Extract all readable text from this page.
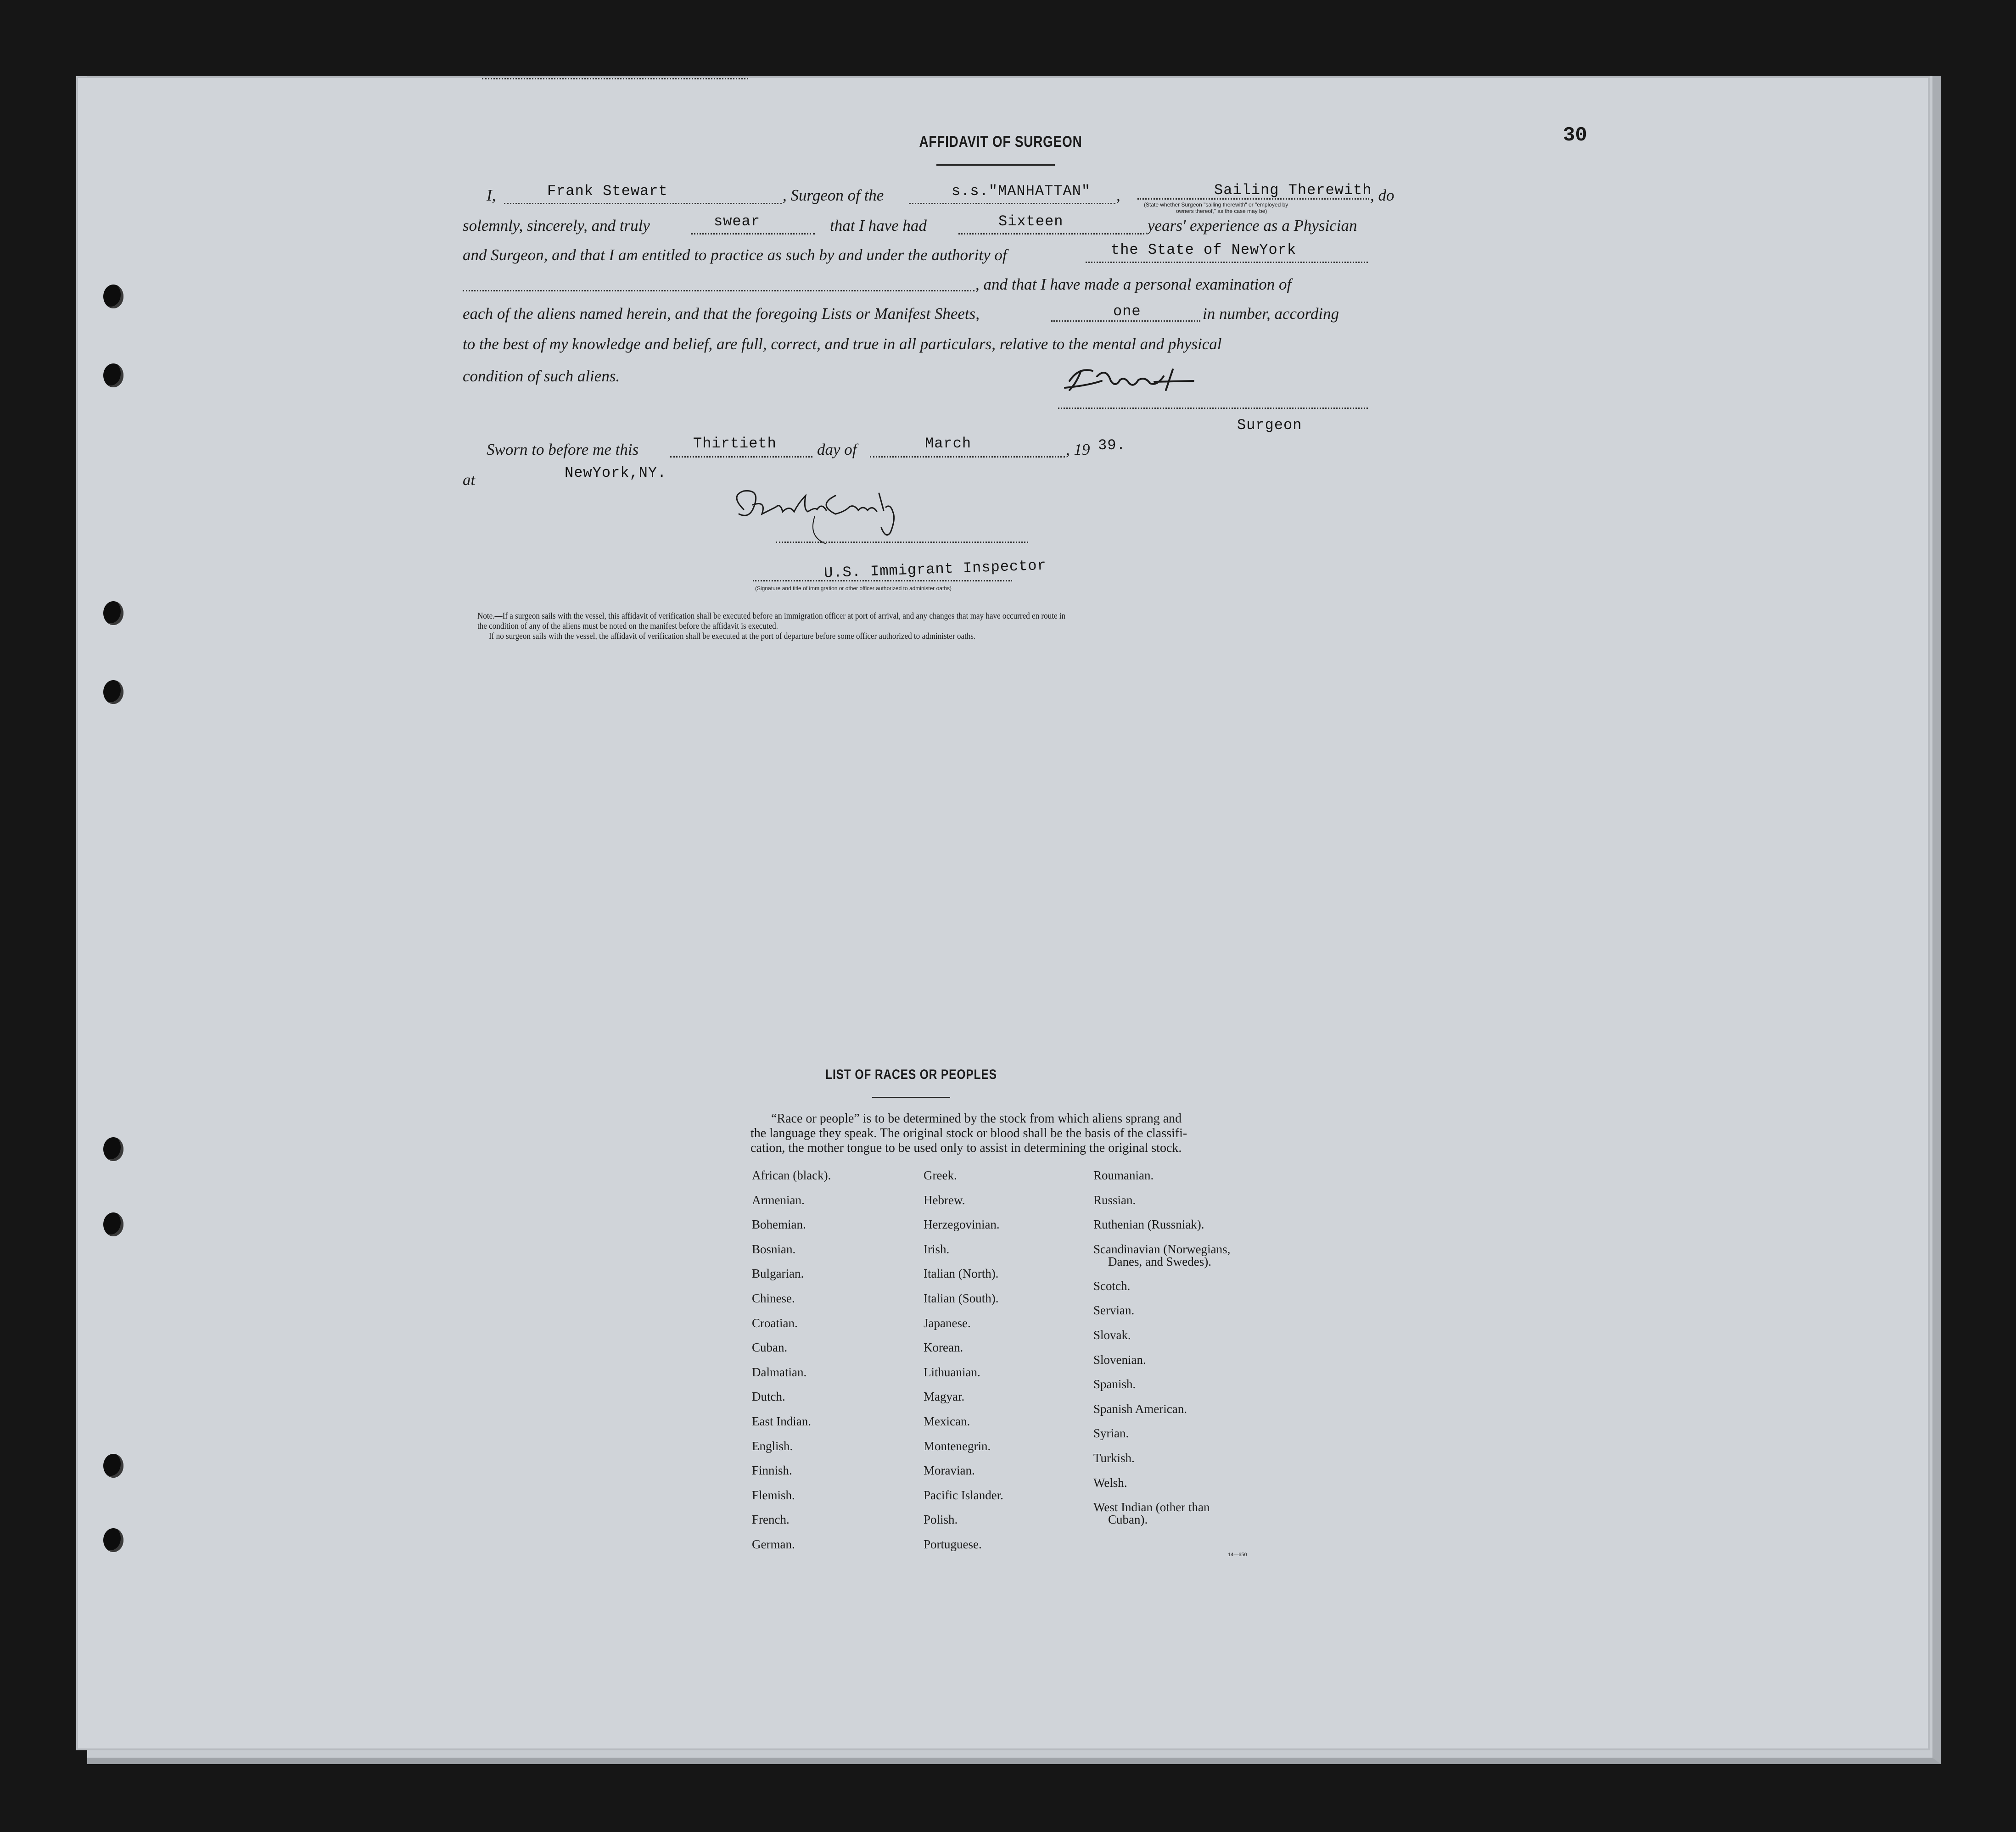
30
AFFIDAVIT OF SURGEON
I,	Frank Stewart	, Surgeon of the	s.s."MANHATTAN" ,	Sailing Therewith
, do
(State whether Surgeon "sailing therewith" or "employed by
owners thereof," as the case may be)
solemnly, sincerely, and truly	swear	that I have had	Sixteen	years' experience as a Physician
and Surgeon, and that I am entitled to practice as such by and under the authority of	the State of NewYork
, and that I have made a personal examination of
each of the aliens named herein, and that the foregoing Lists or Manifest Sheets,	one	in number, according
to the best of my knowledge and belief, are full, correct, and true in all particulars, relative to the mental and physical
condition of such aliens.
Surgeon
Sworn to before me this	Thirtieth	day of	March	, 19 39.
at	NewYork,NY.
U.S. Immigrant Inspector
(Signature and title of immigration or other officer authorized to administer oaths)
Note.—If a surgeon sails with the vessel, this affidavit of verification shall be executed before an immigration officer at port of arrival, and any changes that may have occurred en route in
the condition of any of the aliens must be noted on the manifest before the affidavit is executed.
If no surgeon sails with the vessel, the affidavit of verification shall be executed at the port of departure before some officer authorized to administer oaths.
LIST OF RACES OR PEOPLES
“Race or people” is to be determined by the stock from which aliens sprang and
the language they speak. The original stock or blood shall be the basis of the classifi-
cation, the mother tongue to be used only to assist in determining the original stock.
African (black).
Armenian.
Bohemian.
Bosnian.
Bulgarian.
Chinese.
Croatian.
Cuban.
Dalmatian.
Dutch.
East Indian.
English.
Finnish.
Flemish.
French.
German.
Greek.
Hebrew.
Herzegovinian.
Irish.
Italian (North).
Italian (South).
Japanese.
Korean.
Lithuanian.
Magyar.
Mexican.
Montenegrin.
Moravian.
Pacific Islander.
Polish.
Portuguese.
Roumanian.
Russian.
Ruthenian (Russniak).
Scandinavian (Norwegians,
Danes, and Swedes).
Scotch.
Servian.
Slovak.
Slovenian.
Spanish.
Spanish American.
Syrian.
Turkish.
Welsh.
West Indian (other than
Cuban).
14—650
